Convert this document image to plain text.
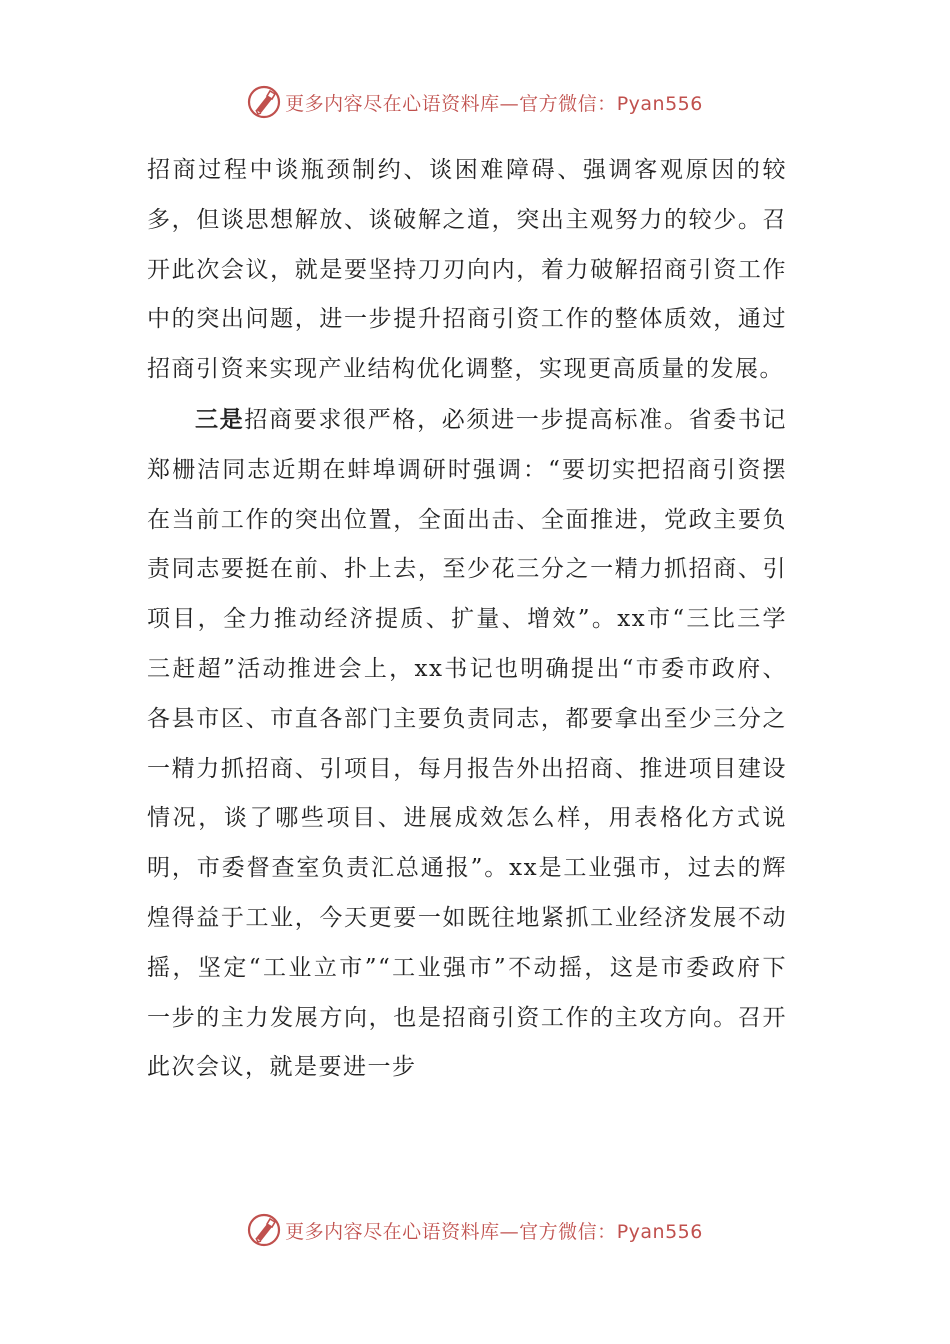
更多内容尽在心语资料库—官方微信：Pyan556

招商过程中谈瓶颈制约、谈困难障碍、强调客观原因的较多，但谈思想解放、谈破解之道，突出主观努力的较少。召开此次会议，就是要坚持刀刃向内，着力破解招商引资工作中的突出问题，进一步提升招商引资工作的整体质效，通过招商引资来实现产业结构优化调整，实现更高质量的发展。

三是招商要求很严格，必须进一步提高标准。省委书记郑栅洁同志近期在蚌埠调研时强调：“要切实把招商引资摆在当前工作的突出位置，全面出击、全面推进，党政主要负责同志要挺在前、扑上去，至少花三分之一精力抓招商、引项目，全力推动经济提质、扩量、增效”。xx市“三比三学三赶超”活动推进会上，xx书记也明确提出“市委市政府、各县市区、市直各部门主要负责同志，都要拿出至少三分之一精力抓招商、引项目，每月报告外出招商、推进项目建设情况，谈了哪些项目、进展成效怎么样，用表格化方式说明，市委督查室负责汇总通报”。xx是工业强市，过去的辉煌得益于工业，今天更要一如既往地紧抓工业经济发展不动摇，坚定“工业立市”“工业强市”不动摇，这是市委政府下一步的主力发展方向，也是招商引资工作的主攻方向。召开此次会议，就是要进一步

更多内容尽在心语资料库—官方微信：Pyan556
